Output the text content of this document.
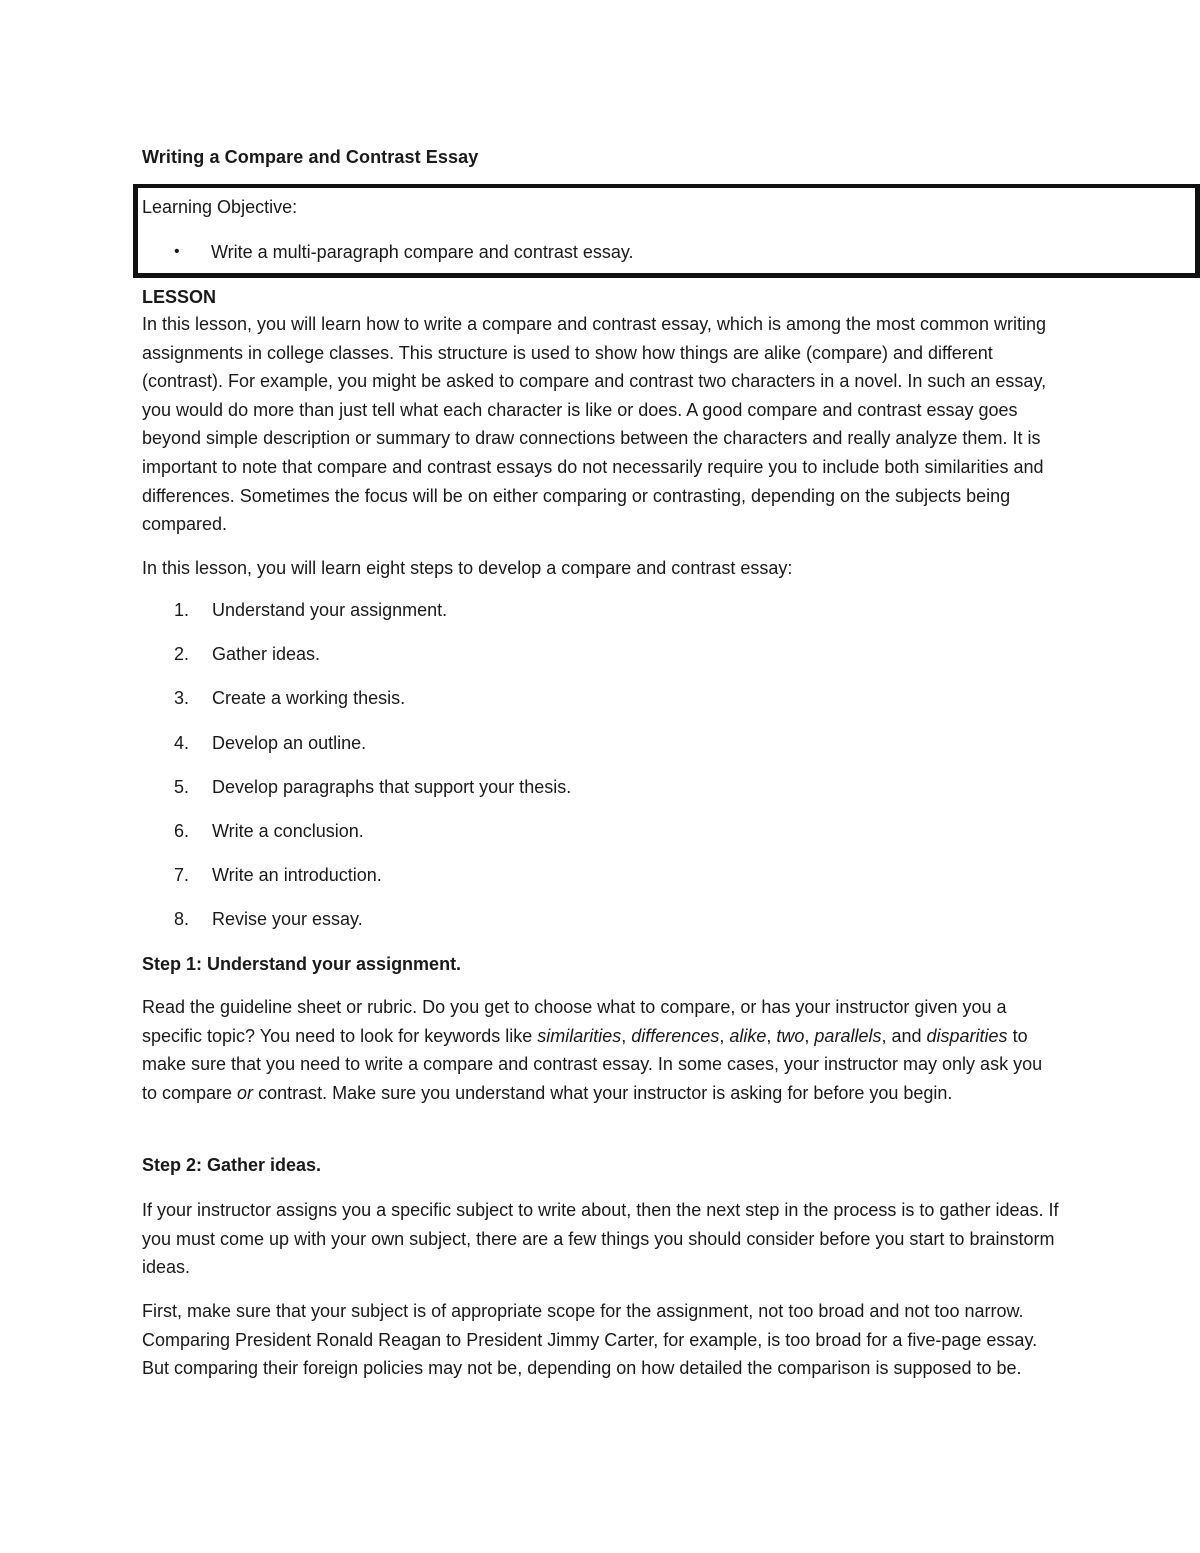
Writing a Compare and Contrast Essay
Learning Objective:
• Write a multi-paragraph compare and contrast essay.
LESSON

In this lesson, you will learn how to write a compare and contrast essay, which is among the most common writing assignments in college classes. This structure is used to show how things are alike (compare) and different (contrast). For example, you might be asked to compare and contrast two characters in a novel. In such an essay, you would do more than just tell what each character is like or does. A good compare and contrast essay goes beyond simple description or summary to draw connections between the characters and really analyze them. It is important to note that compare and contrast essays do not necessarily require you to include both similarities and differences. Sometimes the focus will be on either comparing or contrasting, depending on the subjects being compared.

In this lesson, you will learn eight steps to develop a compare and contrast essay:

1. Understand your assignment.
2. Gather ideas.
3. Create a working thesis.
4. Develop an outline.
5. Develop paragraphs that support your thesis.
6. Write a conclusion.
7. Write an introduction.
8. Revise your essay.
Step 1: Understand your assignment.

Read the guideline sheet or rubric. Do you get to choose what to compare, or has your instructor given you a specific topic? You need to look for keywords like similarities, differences, alike, two, parallels, and disparities to make sure that you need to write a compare and contrast essay. In some cases, your instructor may only ask you to compare or contrast. Make sure you understand what your instructor is asking for before you begin.

Step 2: Gather ideas.

If your instructor assigns you a specific subject to write about, then the next step in the process is to gather ideas. If you must come up with your own subject, there are a few things you should consider before you start to brainstorm ideas.

First, make sure that your subject is of appropriate scope for the assignment, not too broad and not too narrow. Comparing President Ronald Reagan to President Jimmy Carter, for example, is too broad for a five-page essay. But comparing their foreign policies may not be, depending on how detailed the comparison is supposed to be.
